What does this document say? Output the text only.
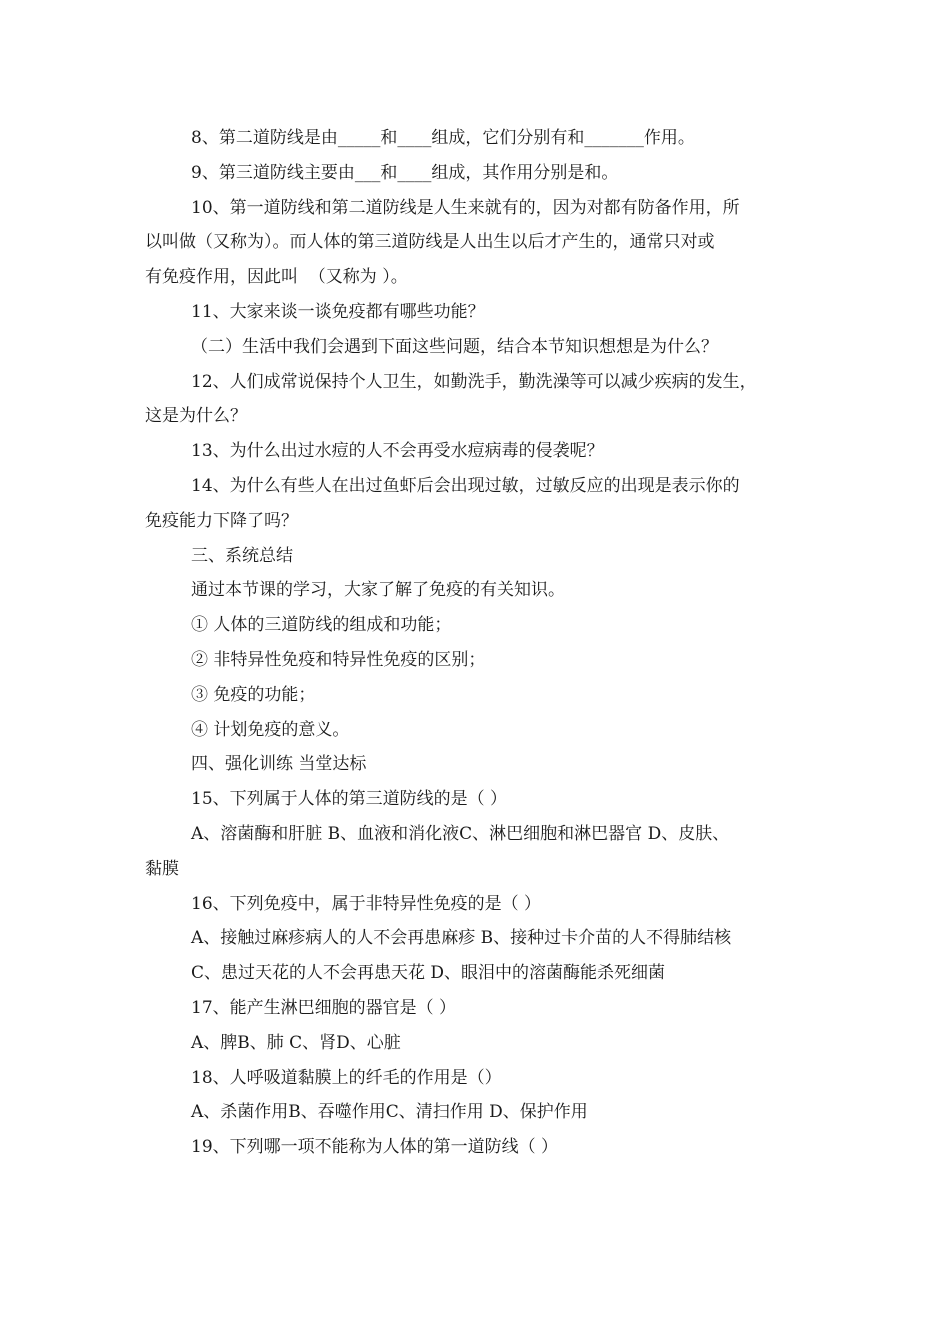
8、第二道防线是由_____和____组成，它们分别有和_______作用。
9、第三道防线主要由___和____组成，其作用分别是和。
10、第一道防线和第二道防线是人生来就有的，因为对都有防备作用，所
以叫做（又称为）。而人体的第三道防线是人出生以后才产生的，通常只对或
有免疫作用，因此叫  （又称为 ）。
11、大家来谈一谈免疫都有哪些功能？
（二）生活中我们会遇到下面这些问题，结合本节知识想想是为什么？
12、人们成常说保持个人卫生，如勤洗手，勤洗澡等可以减少疾病的发生，
这是为什么？
13、为什么出过水痘的人不会再受水痘病毒的侵袭呢？
14、为什么有些人在出过鱼虾后会出现过敏，过敏反应的出现是表示你的
免疫能力下降了吗？
三、系统总结
通过本节课的学习，大家了解了免疫的有关知识。
① 人体的三道防线的组成和功能；
② 非特异性免疫和特异性免疫的区别；
③ 免疫的功能；
④ 计划免疫的意义。
四、强化训练 当堂达标
15、下列属于人体的第三道防线的是（ ）
A、溶菌酶和肝脏 B、血液和消化液C、淋巴细胞和淋巴器官 D、皮肤、
黏膜
16、下列免疫中，属于非特异性免疫的是（ ）
A、接触过麻疹病人的人不会再患麻疹 B、接种过卡介苗的人不得肺结核
C、患过天花的人不会再患天花 D、眼泪中的溶菌酶能杀死细菌
17、能产生淋巴细胞的器官是（ ）
A、脾B、肺 C、肾D、心脏
18、人呼吸道黏膜上的纤毛的作用是（）
A、杀菌作用B、吞噬作用C、清扫作用 D、保护作用
19、下列哪一项不能称为人体的第一道防线（ ）
